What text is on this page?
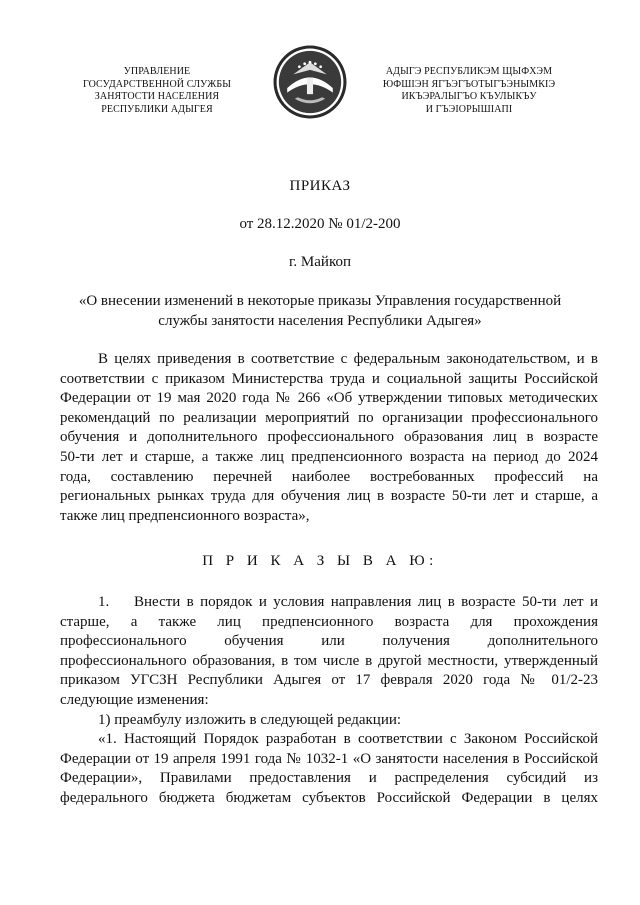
УПРАВЛЕНИЕ
ГОСУДАРСТВЕННОЙ СЛУЖБЫ
ЗАНЯТОСТИ НАСЕЛЕНИЯ
РЕСПУБЛИКИ АДЫГЕЯ
АДЫГЭ РЕСПУБЛИКЭМ ЩЫФХЭМ
ЮФШІЭН ЯГЪЭГЪОТЫГЪЭНЫМКІЭ
ИКЪЭРАЛЫГЪО КЪУЛЫКЪУ
И ГЪЭІОРЫШІАПІ
ПРИКАЗ
от 28.12.2020 № 01/2-200
г. Майкоп
«О внесении изменений в некоторые приказы Управления государственной
службы занятости населения Республики Адыгея»
В целях приведения в соответствие с федеральным законодательством, и в
соответствии с приказом Министерства труда и социальной защиты Российской
Федерации от 19 мая 2020 года № 266 «Об утверждении типовых методических
рекомендаций по реализации мероприятий по организации профессионального
обучения и дополнительного профессионального образования лиц в возрасте
50-ти лет и старше, а также лиц предпенсионного возраста на период до 2024
года, составлению перечней наиболее востребованных профессий на
региональных рынках труда для обучения лиц в возрасте 50-ти лет и старше, а
также лиц предпенсионного возраста»,
П Р И К А З Ы В А Ю:
1. Внести в порядок и условия направления лиц в возрасте 50-ти лет и
старше, а также лиц предпенсионного возраста для прохождения
профессионального обучения или получения дополнительного
профессионального образования, в том числе в другой местности, утвержденный
приказом УГСЗН Республики Адыгея от 17 февраля 2020 года № 01/2-23
следующие изменения:
1) преамбулу изложить в следующей редакции:
«1. Настоящий Порядок разработан в соответствии с Законом Российской
Федерации от 19 апреля 1991 года № 1032-1 «О занятости населения в Российской
Федерации», Правилами предоставления и распределения субсидий из
федерального бюджета бюджетам субъектов Российской Федерации в целях
